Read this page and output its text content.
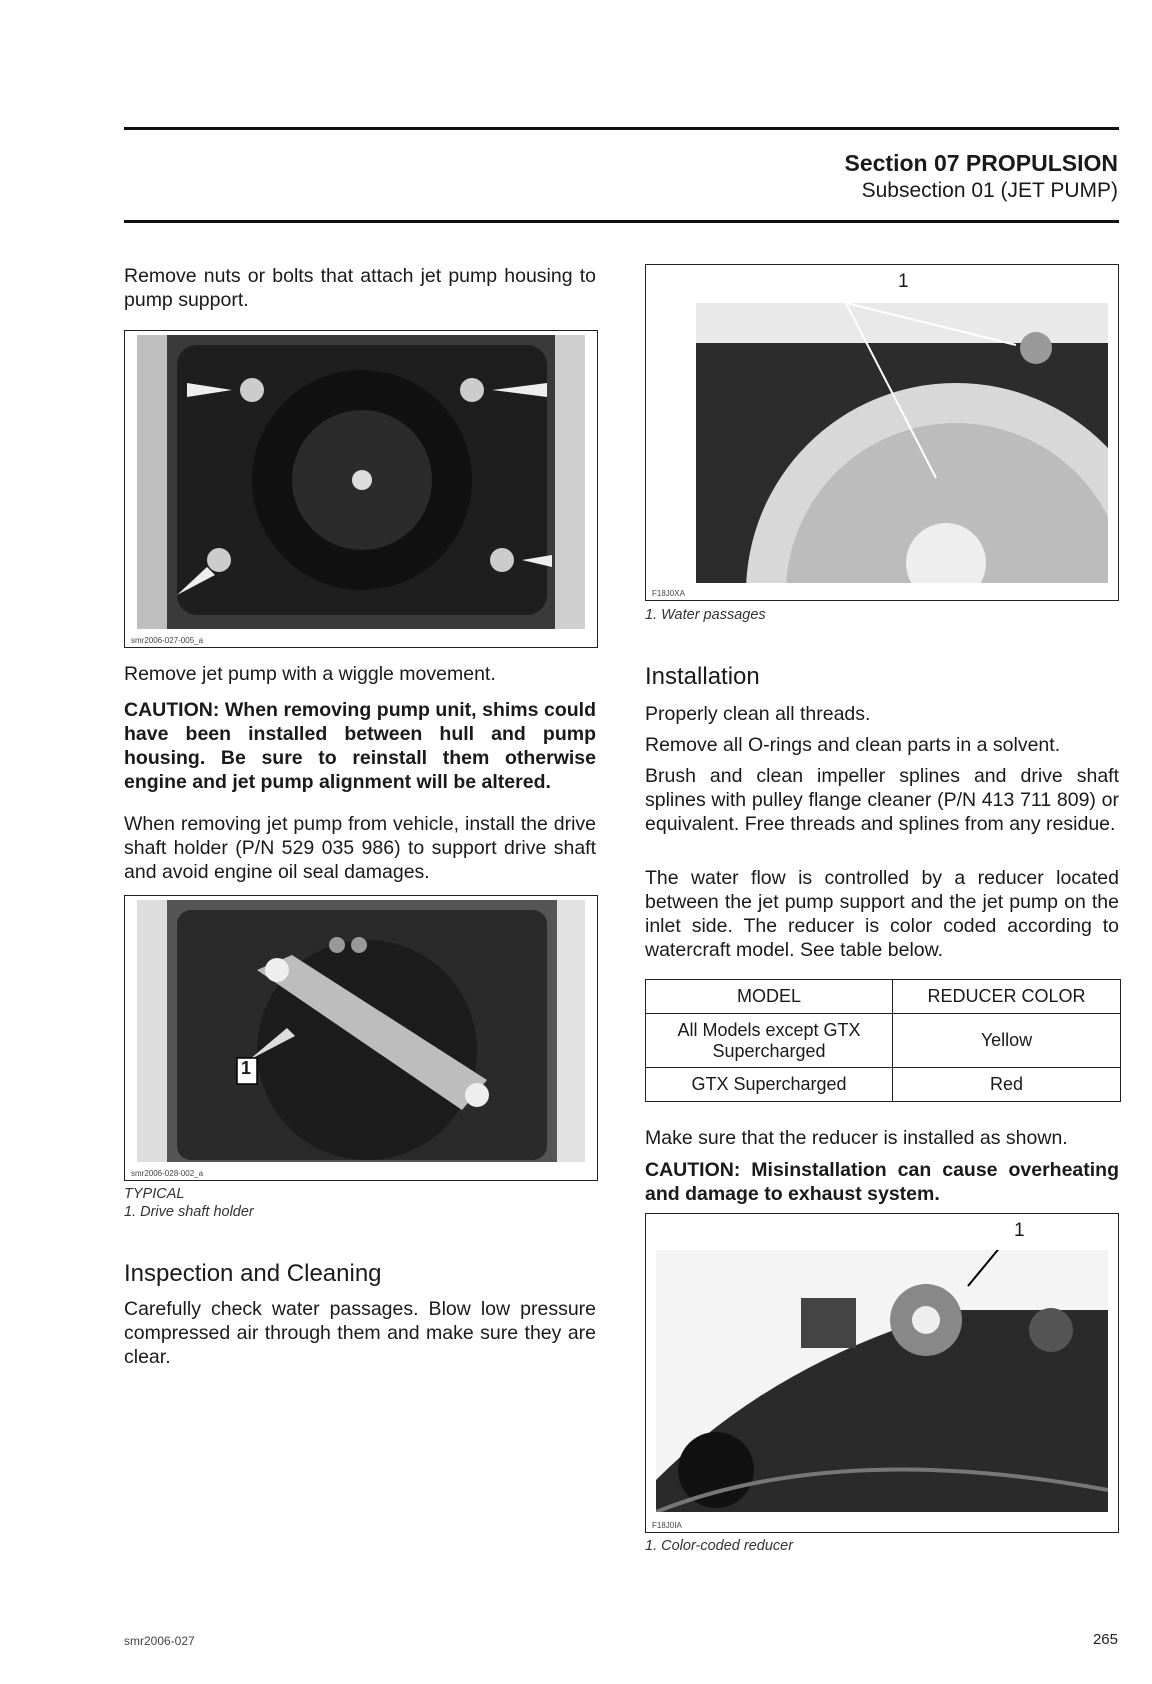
Section 07 PROPULSION
Subsection 01 (JET PUMP)

Remove nuts or bolts that attach jet pump housing to pump support.

smr2006-027-005_a

Remove jet pump with a wiggle movement.

CAUTION: When removing pump unit, shims could have been installed between hull and pump housing. Be sure to reinstall them otherwise engine and jet pump alignment will be altered.

When removing jet pump from vehicle, install the drive shaft holder (P/N 529 035 986) to support drive shaft and avoid engine oil seal damages.

1
smr2006-028-002_a
TYPICAL
1. Drive shaft holder
Inspection and Cleaning

Carefully check water passages. Blow low pressure compressed air through them and make sure they are clear.

1
F18J0XA
1. Water passages
Installation

Properly clean all threads.

Remove all O-rings and clean parts in a solvent.

Brush and clean impeller splines and drive shaft splines with pulley flange cleaner (P/N 413 711 809) or equivalent. Free threads and splines from any residue.

The water flow is controlled by a reducer located between the jet pump support and the jet pump on the inlet side. The reducer is color coded according to watercraft model. See table below.

MODEL	REDUCER COLOR
All Models except GTX Supercharged	Yellow
GTX Supercharged	Red

Make sure that the reducer is installed as shown.

CAUTION: Misinstallation can cause overheating and damage to exhaust system.

1
F18J0IA
1. Color-coded reducer
smr2006-027	265
